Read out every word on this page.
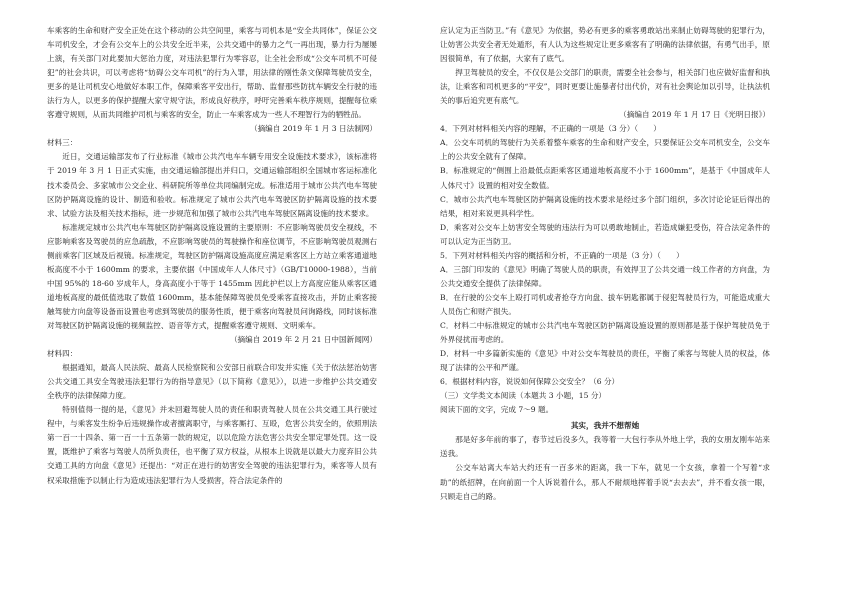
车乘客的生命和财产安全正处在这个移动的公共空间里，乘客与司机本是“安全共同体”，保证公交车司机安全，才会有公交车上的公共安全近半来，公共交通中的暴力之气一再出现，暴力行为屡屡上演，有关部门对此要加大惩治力度，对违法犯罪行为零容忍，让全社会形成“公交车司机不可侵犯”的社会共识，可以考虑将“妨碍公交车司机”的行为入罪，用法律的刚性条文保障驾驶员安全，更多的是让司机安心地做好本职工作，保障乘客平安出行，帮助、监督那些防扰车辆安全行驶的违法行为人，以更多的保护提醒大家守规守法，形成良好秩序，呼吁完善乘车秩序规则，提醒每位乘客遵守规则，从而共同维护司机与乘客的安全，防止一车乘客成为一些人不理智行为的牺牲品。

（摘编自 2019 年 1 月 3 日法制网）

材料三：

近日，交通运输部发布了行业标准《城市公共汽电车车辆专用安全设施技术要求》，该标准将于 2019 年 3 月 1 日正式实施，由交通运输部提出并归口，交通运输部组织全国城市客运标准化技术委员会、多家城市公交企业、科研院所等单位共同编制完成。标准适用于城市公共汽电车驾驶区防护隔离设施的设计、制造和验收。标准规定了城市公共汽电车驾驶区防护隔离设施的技术要求、试验方法及相关技术指标，进一步规范和加强了城市公共汽电车驾驶区隔离设施的技术要求。

标准规定城市公共汽电车驾驶区防护隔离设施设置的主要原则：不应影响驾驶员安全视线，不应影响乘客及驾驶员的应急疏散，不应影响驾驶员的驾驶操作和座位调节，不应影响驾驶员观测右侧前乘客门区域及后视镜。标准规定，驾驶区防护隔离设施高度应满足乘客区上方站立乘客通道地板高度不小于 1600mm 的要求，主要依据《中国成年人人体尺寸》（GB/T10000-1988），当前中国 95%的 18-60 岁成年人，身高高度小于等于 1455mm 因此护栏以上方高度应能从乘客区通道地板高度的最低值选取了数值 1600mm，基本能保障驾驶员免受乘客直接攻击，并防止乘客接触驾驶方向盘等设备而设置也考虑到驾驶员的服务性质，便于乘客向驾驶员问询路线，同时该标准对驾驶区防护隔离设施的视频监控、语音等方式，提醒乘客遵守规则、文明乘车。

（摘编自 2019 年 2 月 21 日中国新闻网）

材料四：

根据通知，最高人民法院、最高人民检察院和公安部日前联合印发并实施《关于依法惩治妨害公共交通工具安全驾驶违法犯罪行为的指导意见》（以下简称《意见》），以进一步维护公共交通安全秩序的法律保障力度。

特别值得一提的是，《意见》并未回避驾驶人员的责任和职责驾驶人员在公共交通工具行驶过程中，与乘客发生纷争后违规操作或者擅离职守，与乘客厮打、互殴，危害公共安全的，依照刑法第一百一十四条、第一百一十五条第一款的规定，以以危险方法危害公共安全罪定罪处罚。这一设置，既维护了乘客与驾驶人员所负责任，也平衡了双方权益，从根本上说就是以最大力度弃旧公共交通工具的方向盘《意见》还提出：“对正在进行的妨害安全驾驶的违法犯罪行为，乘客等人员有权采取措施予以制止行为造成违法犯罪行为人受损害，符合法定条件的

应认定为正当防卫。”有《意见》为依据，势必有更多的乘客勇敢站出来制止妨碍驾驶的犯罪行为，让妨害公共安全者无处遁形，有人认为这些规定让更多乘客有了明确的法律依据，有勇气出手，原因很简单，有了依据，大家有了底气。

捍卫驾驶员的安全，不仅仅是公交部门的职责，需要全社会参与，相关部门也应做好监督和执法，让乘客和司机更多的“平安”，同时更要让施暴者付出代价，对有社会舆论加以引导，让执法机关的事后追究更有底气。

（摘编自 2019 年 1 月 17 日《光明日报》）

4．下列对材料相关内容的理解，不正确的一项是（3 分）（　　）

A．公交车司机的驾驶行为关系着整车乘客的生命和财产安全，只要保证公交车司机安全，公交车上的公共安全就有了保障。

B．标准规定的“侧围上沿最低点距乘客区通道地板高度不小于 1600mm”，是基于《中国成年人人体尺寸》设置的相对安全数值。

C．城市公共汽电车驾驶区防护隔离设施的技术要求是经过多个部门组织，多次讨论论证后得出的结果，相对来说更具科学性。

D．乘客对公交车上妨害安全驾驶的违法行为可以勇敢地制止，若造成嫌犯受伤，符合法定条件的可以认定为正当防卫。

5．下列对材料相关内容的概括和分析，不正确的一项是（3 分）（　　）

A．三部门印发的《意见》明确了驾驶人员的职责，有效捍卫了公共交通一线工作者的方向盘，为公共交通安全提供了法律保障。

B．在行驶的公交车上殴打司机或者抢夺方向盘、拔车钥匙都属于侵犯驾驶员行为，可能造成重大人员伤亡和财产损失。

C．材料二中标准规定的城市公共汽电车驾驶区防护隔离设施设置的原则都是基于保护驾驶员免于外界侵扰而考虑的。

D．材料一中多篇新实施的《意见》中对公交车驾驶员的责任，平衡了乘客与驾驶人员的权益，体现了法律的公平和严谨。

6．根据材料内容，说说如何保障公交安全？（6 分）

（三）文学类文本阅读（本题共 3 小题，15 分）

阅读下面的文字，完成 7～9 题。

其实，我并不想帮她

那是好多年前的事了，春节过后没多久，我等着一大包行李从外地上学，我的女朋友刚车站来送我。

公交车站离大车站大约还有一百多米的距离，我一下车，就见一个女孩，拿着一个写着“求助”的纸招牌，在向前面一个人诉说着什么，那人不耐烦地挥着手说“去去去”，并不看女孩一眼，只顾走自己的路。
